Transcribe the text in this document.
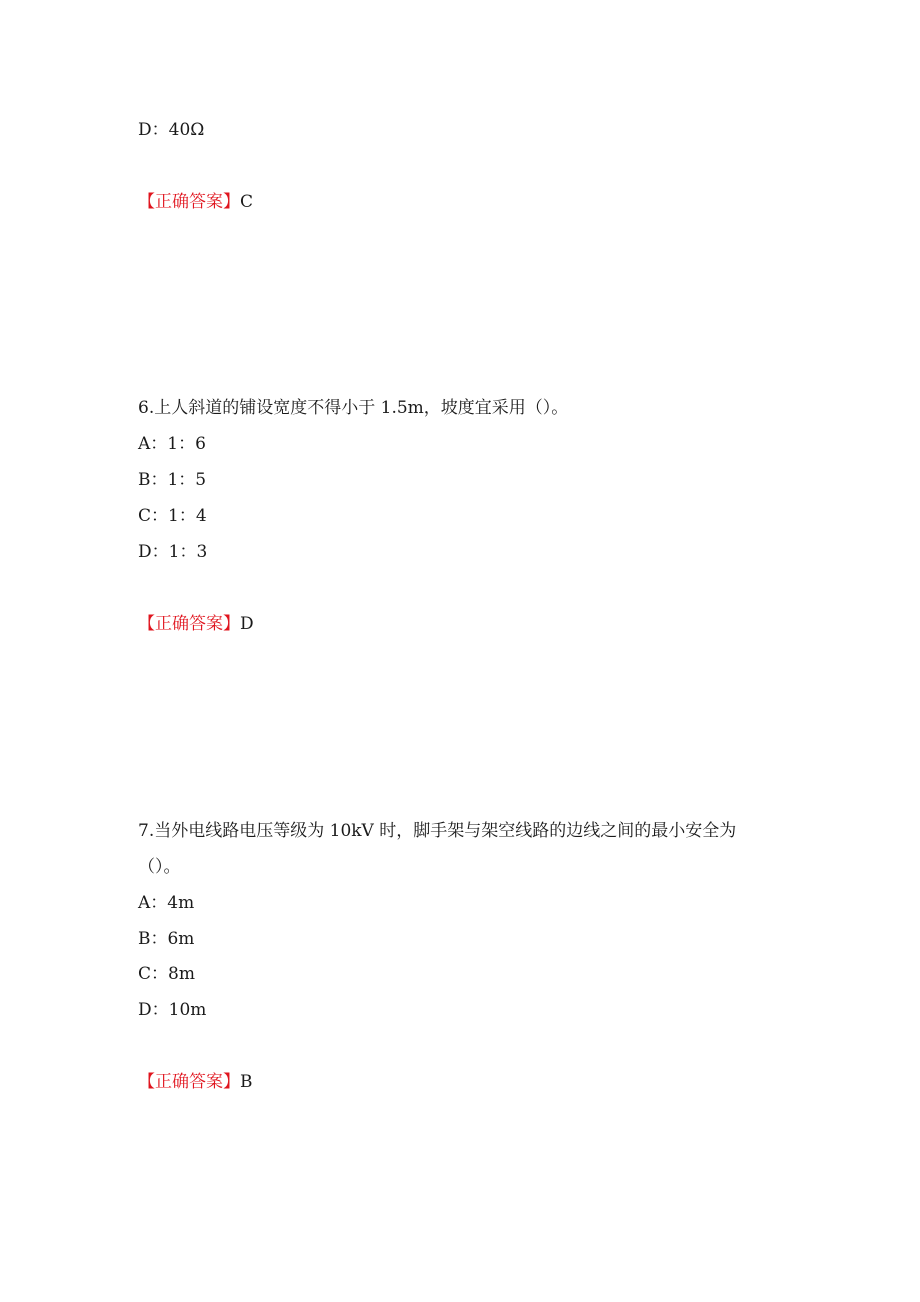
D：40Ω
【正确答案】C
6.上人斜道的铺设宽度不得小于 1.5m，坡度宜采用（）。
A：1：6
B：1：5
C：1：4
D：1：3
【正确答案】D
7.当外电线路电压等级为 10kV 时，脚手架与架空线路的边线之间的最小安全为
（）。
A：4m
B：6m
C：8m
D：10m
【正确答案】B
